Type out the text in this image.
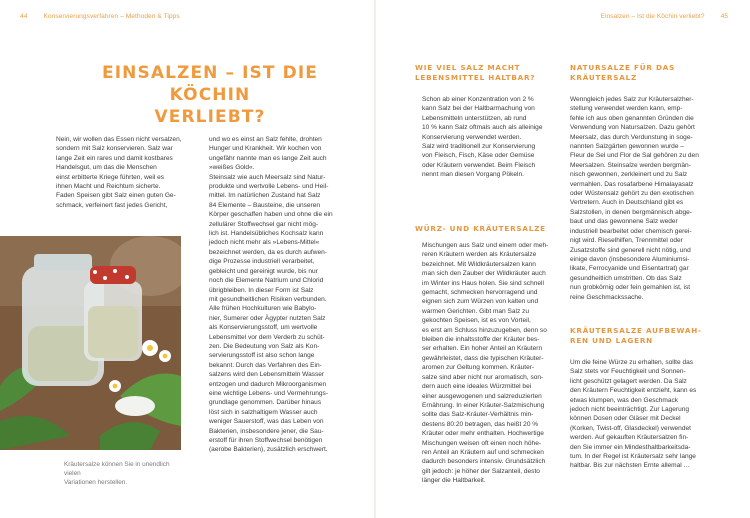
44 Konservierungsverfahren – Methoden & Tipps	Einsalzen – Ist die Köchin verliebt? 45
EINSALZEN – IST DIE KÖCHIN
VERLIEBT?
Nein, wir wollen das Essen nicht versalzen,
sondern mit Salz konservieren. Salz war
lange Zeit ein rares und damit kostbares
Handelsgut, um das die Menschen
einst erbitterte Kriege führten, weil es
ihnen Macht und Reichtum sicherte.
Faden Speisen gibt Salz einen guten Ge-
schmack, verfeinert fast jedes Gericht,
und wo es einst an Salz fehlte, drohten
Hunger und Krankheit. Wir kochen von
ungefähr nannte man es lange Zeit auch
»weißes Gold«.
Steinsalz wie auch Meersalz sind Natur-
produkte und wertvolle Lebens- und Heil-
mittel. Im natürlichen Zustand hat Salz
84 Elemente – Bausteine, die unseren
Körper geschaffen haben und ohne die ein
zellulärer Stoffwechsel gar nicht mög-
lich ist. Handelsübliches Kochsalz kann
jedoch nicht mehr als »Lebens-Mittel«
bezeichnet werden, da es durch aufwen-
dige Prozesse industriell verarbeitet,
gebleicht und gereinigt wurde, bis nur
noch die Elemente Natrium und Chlorid
übrigbleiben. In dieser Form ist Salz
mit gesundheitlichen Risiken verbunden.
Alle frühen Hochkulturen wie Babylo-
nier, Sumerer oder Ägypter nutzten Salz
als Konservierungsstoff, um wertvolle
Lebensmittel vor dem Verderb zu schüt-
zen. Die Bedeutung von Salz als Kon-
servierungsstoff ist also schon lange
bekannt. Durch das Verfahren des Ein-
salzens wird den Lebensmitteln Wasser
entzogen und dadurch Mikroorganismen
eine wichtige Lebens- und Vermehrungs-
grundlage genommen. Darüber hinaus
löst sich in salzhaltigem Wasser auch
weniger Sauerstoff, was das Leben von
Bakterien, insbesondere jener, die Sau-
erstoff für ihren Stoffwechsel benötigen
(aerobe Bakterien), zusätzlich erschwert.
Kräutersalze können Sie in unendlich vielen
Variationen herstellen.
WIE VIEL SALZ MACHT
LEBENSMITTEL HALTBAR?
Schon ab einer Konzentration von 2 %
kann Salz bei der Haltbarmachung von
Lebensmitteln unterstützen, ab rund
10 % kann Salz oftmals auch als alleinige
Konservierung verwendet werden.
Salz wird traditionell zur Konservierung
von Fleisch, Fisch, Käse oder Gemüse
oder Kräutern verwendet. Beim Fleisch
nennt man diesen Vorgang Pökeln.
WÜRZ- UND KRÄUTERSALZE
Mischungen aus Salz und einem oder meh-
reren Kräutern werden als Kräutersalze
bezeichnet. Mit Wildkräutersalzen kann
man sich den Zauber der Wildkräuter auch
im Winter ins Haus holen. Sie sind schnell
gemacht, schmecken hervorragend und
eignen sich zum Würzen von kalten und
warmen Gerichten. Gibt man Salz zu
gekochten Speisen, ist es von Vorteil,
es erst am Schluss hinzuzugeben, denn so
bleiben die inhaltsstoffe der Kräuter bes-
ser erhalten. Ein hoher Anteil an Kräutern
gewährleistet, dass die typischen Kräuter-
aromen zur Geltung kommen. Kräuter-
salze sind aber nicht nur aromatisch, son-
dern auch eine ideales Würzmittel bei
einer ausgewogenen und salzreduzierten
Ernährung. In einer Kräuter-Salzmischung
sollte das Salz-Kräuter-Verhältnis min-
destens 80:20 betragen, das heißt 20 %
Kräuter oder mehr enthalten. Hochwertige
Mischungen weisen oft einen noch höhe-
ren Anteil an Kräutern auf und schmecken
dadurch besonders intensiv. Grundsätzlich
gilt jedoch: je höher der Salzanteil, desto
länger die Haltbarkeit.
NATURSALZE FÜR DAS
KRÄUTERSALZ
Wenngleich jedes Salz zur Kräutersalzher-
stellung verwendet werden kann, emp-
fehle ich aus oben genannten Gründen die
Verwendung von Natursalzen. Dazu gehört
Meersalz, das durch Verdunstung in soge-
nannten Salzgärten gewonnen wurde –
Fleur de Sel und Flor de Sal gehören zu den
Meersalzen. Steinsalze werden bergmän-
nisch gewonnen, zerkleinert und zu Salz
vermahlen. Das rosafarbene Himalayasalz
oder Wüstensalz gehört zu den exotischen
Vertretern. Auch in Deutschland gibt es
Salzstollen, in denen bergmännisch abge-
baut und das gewonnene Salz weder
industriell bearbeitet oder chemisch gerei-
nigt wird. Rieselhilfen, Trennmittel oder
Zusatzstoffe sind generell nicht nötig, und
einige davon (insbesondere Aluminiumsi-
likate, Ferrocyanide und Eisentartrat) gar
gesundheitlich umstritten. Ob das Salz
nun grobkörnig oder fein gemahlen ist, ist
reine Geschmackssache.
KRÄUTERSALZE AUFBEWAH-
REN UND LAGERN
Um die feine Würze zu erhalten, sollte das
Salz stets vor Feuchtigkeit und Sonnen-
licht geschützt gelagert werden. Da Salz
den Kräutern Feuchtigkeit entzieht, kann es
etwas klumpen, was den Geschmack
jedoch nicht beeinträchtigt. Zur Lagerung
können Dosen oder Gläser mit Deckel
(Korken, Twist-off, Glasdeckel) verwendet
werden. Auf gekauften Kräutersalzen fin-
den Sie immer ein Mindesthaltbarkeitsda-
tum. In der Regel ist Kräutersalz sehr lange
haltbar. Bis zur nächsten Ernte allemal …
